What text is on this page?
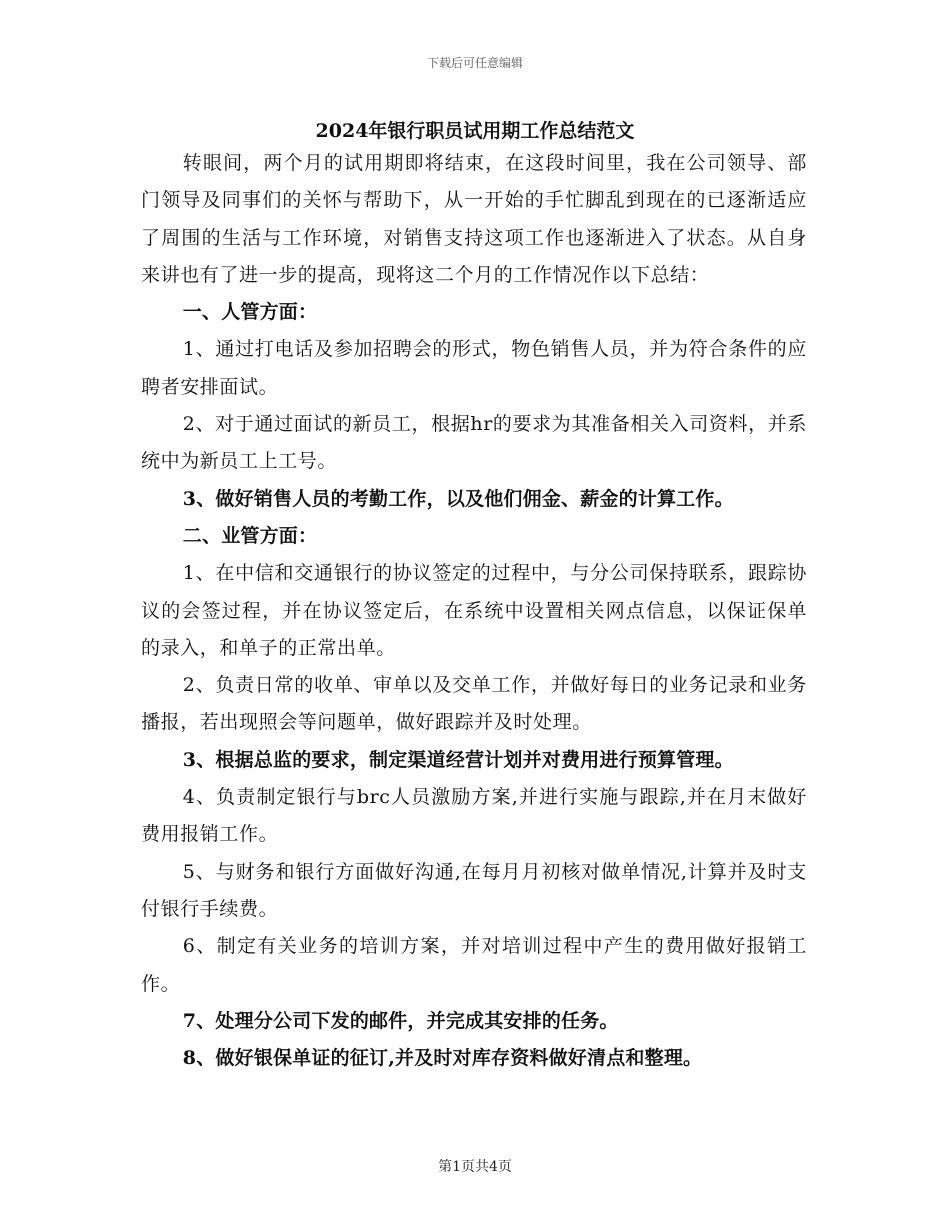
下载后可任意编辑
2024年银行职员试用期工作总结范文

转眼间，两个月的试用期即将结束，在这段时间里，我在公司领导、部门领导及同事们的关怀与帮助下，从一开始的手忙脚乱到现在的已逐渐适应了周围的生活与工作环境，对销售支持这项工作也逐渐进入了状态。从自身来讲也有了进一步的提高，现将这二个月的工作情况作以下总结：

一、人管方面：

1、通过打电话及参加招聘会的形式，物色销售人员，并为符合条件的应聘者安排面试。

2、对于通过面试的新员工，根据hr的要求为其准备相关入司资料，并系统中为新员工上工号。

3、做好销售人员的考勤工作，以及他们佣金、薪金的计算工作。

二、业管方面：

1、在中信和交通银行的协议签定的过程中，与分公司保持联系，跟踪协议的会签过程，并在协议签定后，在系统中设置相关网点信息，以保证保单的录入，和单子的正常出单。

2、负责日常的收单、审单以及交单工作，并做好每日的业务记录和业务播报，若出现照会等问题单，做好跟踪并及时处理。

3、根据总监的要求，制定渠道经营计划并对费用进行预算管理。

4、负责制定银行与brc人员激励方案,并进行实施与跟踪,并在月末做好费用报销工作。

5、与财务和银行方面做好沟通,在每月月初核对做单情况,计算并及时支付银行手续费。

6、制定有关业务的培训方案，并对培训过程中产生的费用做好报销工作。

7、处理分公司下发的邮件，并完成其安排的任务。

8、做好银保单证的征订,并及时对库存资料做好清点和整理。

第1页共4页
